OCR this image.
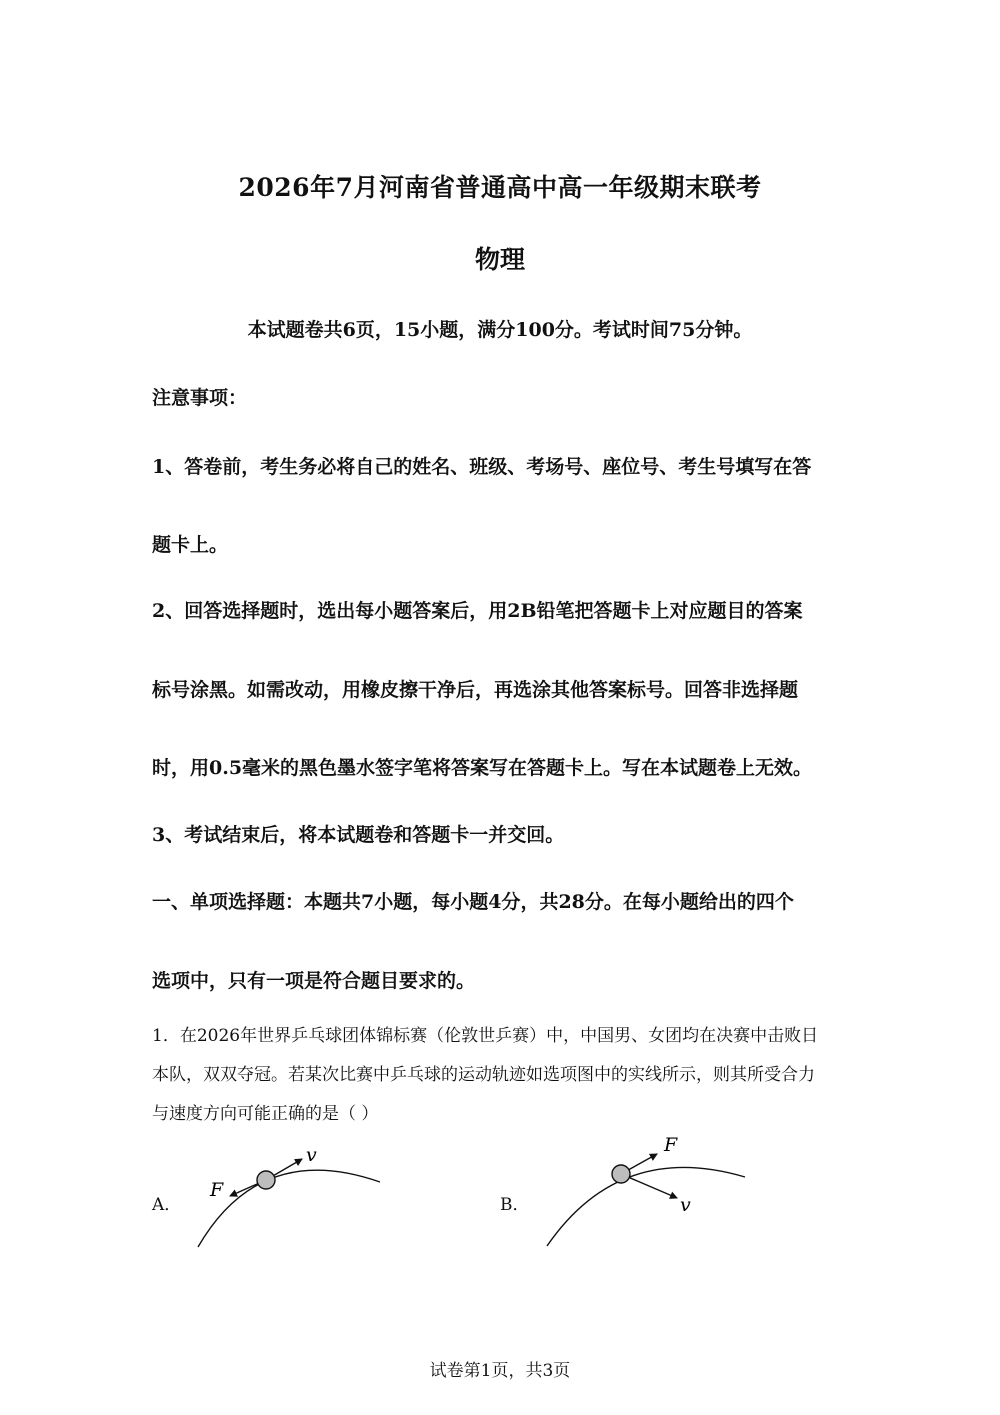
2026年7月河南省普通高中高一年级期末联考
物理
本试题卷共6页，15小题，满分100分。考试时间75分钟。
注意事项：
1、答卷前，考生务必将自己的姓名、班级、考场号、座位号、考生号填写在答
题卡上。
2、回答选择题时，选出每小题答案后，用2B铅笔把答题卡上对应题目的答案
标号涂黑。如需改动，用橡皮擦干净后，再选涂其他答案标号。回答非选择题
时，用0.5毫米的黑色墨水签字笔将答案写在答题卡上。写在本试题卷上无效。
3、考试结束后，将本试题卷和答题卡一并交回。
一、单项选择题：本题共7小题，每小题4分，共28分。在每小题给出的四个
选项中，只有一项是符合题目要求的。
1．在2026年世界乒乓球团体锦标赛（伦敦世乒赛）中，中国男、女团均在决赛中击败日
本队，双双夺冠。若某次比赛中乒乓球的运动轨迹如选项图中的实线所示，则其所受合力
与速度方向可能正确的是（ ）
A．
v
F
B．
F
v
试卷第1页，共3页
